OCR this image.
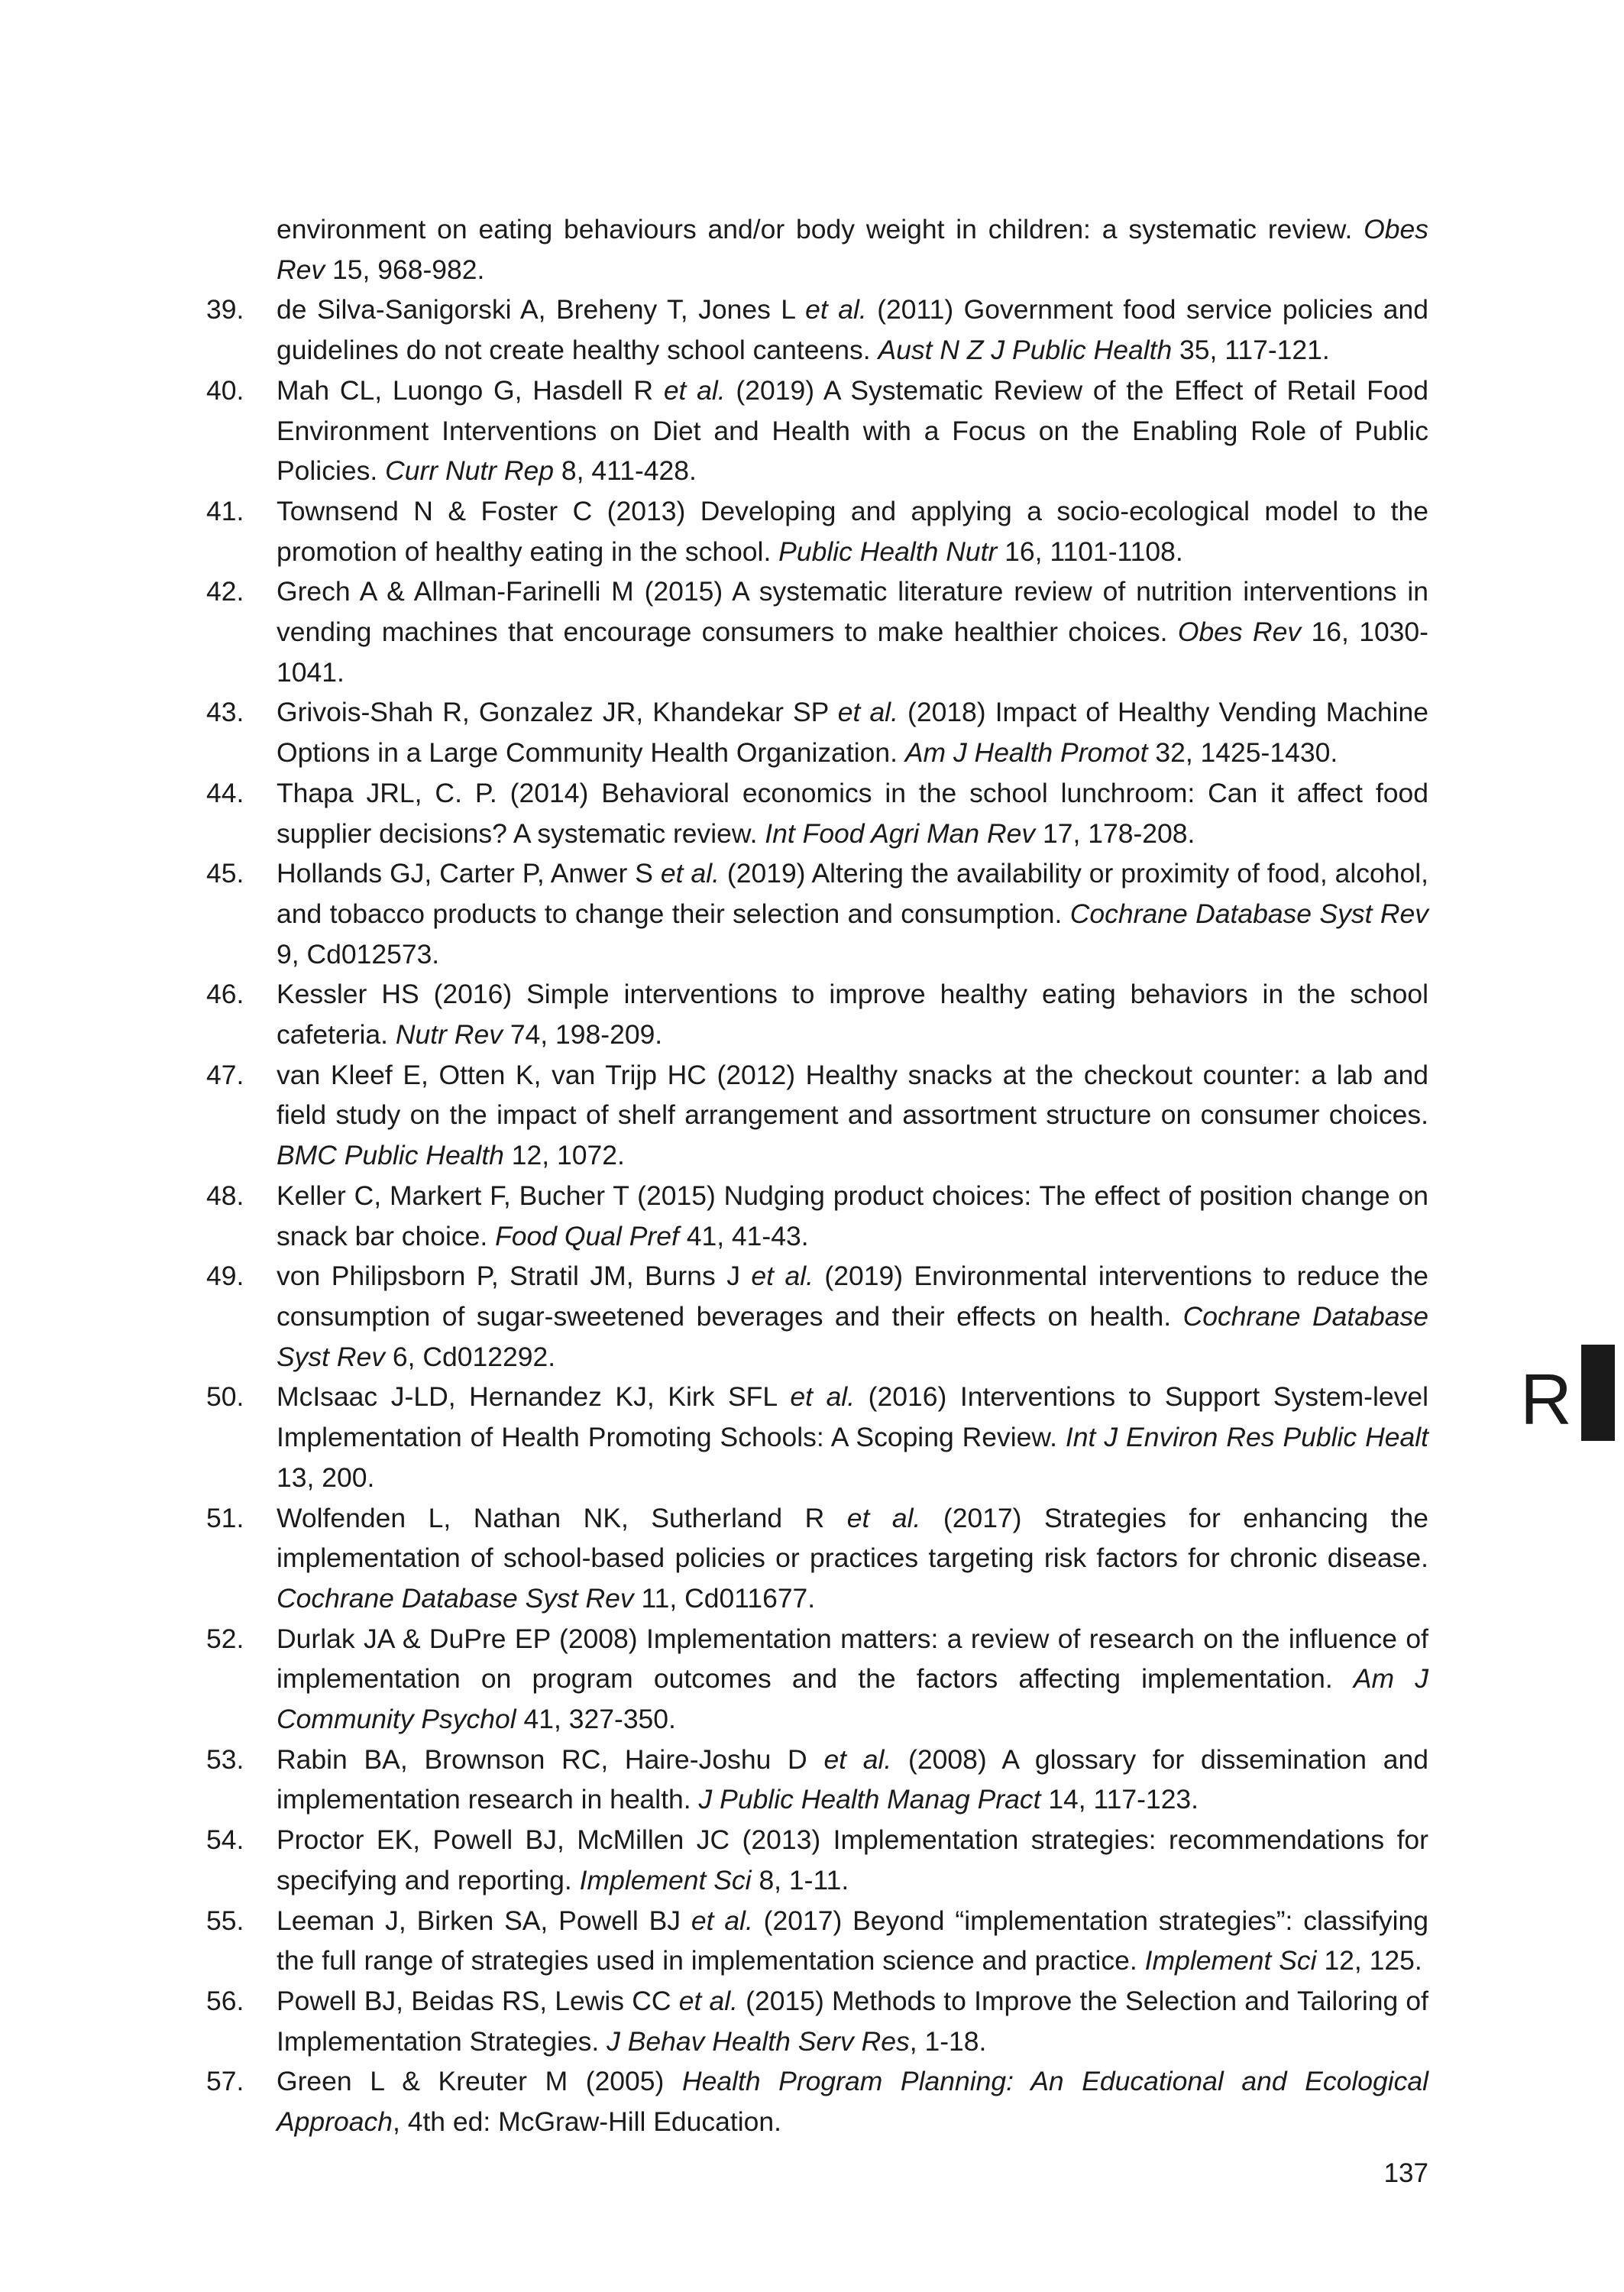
environment on eating behaviours and/or body weight in children: a systematic review. Obes Rev 15, 968-982.
39. de Silva-Sanigorski A, Breheny T, Jones L et al. (2011) Government food service policies and guidelines do not create healthy school canteens. Aust N Z J Public Health 35, 117-121.
40. Mah CL, Luongo G, Hasdell R et al. (2019) A Systematic Review of the Effect of Retail Food Environment Interventions on Diet and Health with a Focus on the Enabling Role of Public Policies. Curr Nutr Rep 8, 411-428.
41. Townsend N & Foster C (2013) Developing and applying a socio-ecological model to the promotion of healthy eating in the school. Public Health Nutr 16, 1101-1108.
42. Grech A & Allman-Farinelli M (2015) A systematic literature review of nutrition interventions in vending machines that encourage consumers to make healthier choices. Obes Rev 16, 1030-1041.
43. Grivois-Shah R, Gonzalez JR, Khandekar SP et al. (2018) Impact of Healthy Vending Machine Options in a Large Community Health Organization. Am J Health Promot 32, 1425-1430.
44. Thapa JRL, C. P. (2014) Behavioral economics in the school lunchroom: Can it affect food supplier decisions? A systematic review. Int Food Agri Man Rev 17, 178-208.
45. Hollands GJ, Carter P, Anwer S et al. (2019) Altering the availability or proximity of food, alcohol, and tobacco products to change their selection and consumption. Cochrane Database Syst Rev 9, Cd012573.
46. Kessler HS (2016) Simple interventions to improve healthy eating behaviors in the school cafeteria. Nutr Rev 74, 198-209.
47. van Kleef E, Otten K, van Trijp HC (2012) Healthy snacks at the checkout counter: a lab and field study on the impact of shelf arrangement and assortment structure on consumer choices. BMC Public Health 12, 1072.
48. Keller C, Markert F, Bucher T (2015) Nudging product choices: The effect of position change on snack bar choice. Food Qual Pref 41, 41-43.
49. von Philipsborn P, Stratil JM, Burns J et al. (2019) Environmental interventions to reduce the consumption of sugar-sweetened beverages and their effects on health. Cochrane Database Syst Rev 6, Cd012292.
50. McIsaac J-LD, Hernandez KJ, Kirk SFL et al. (2016) Interventions to Support System-level Implementation of Health Promoting Schools: A Scoping Review. Int J Environ Res Public Healt 13, 200.
51. Wolfenden L, Nathan NK, Sutherland R et al. (2017) Strategies for enhancing the implementation of school-based policies or practices targeting risk factors for chronic disease. Cochrane Database Syst Rev 11, Cd011677.
52. Durlak JA & DuPre EP (2008) Implementation matters: a review of research on the influence of implementation on program outcomes and the factors affecting implementation. Am J Community Psychol 41, 327-350.
53. Rabin BA, Brownson RC, Haire-Joshu D et al. (2008) A glossary for dissemination and implementation research in health. J Public Health Manag Pract 14, 117-123.
54. Proctor EK, Powell BJ, McMillen JC (2013) Implementation strategies: recommendations for specifying and reporting. Implement Sci 8, 1-11.
55. Leeman J, Birken SA, Powell BJ et al. (2017) Beyond “implementation strategies”: classifying the full range of strategies used in implementation science and practice. Implement Sci 12, 125.
56. Powell BJ, Beidas RS, Lewis CC et al. (2015) Methods to Improve the Selection and Tailoring of Implementation Strategies. J Behav Health Serv Res, 1-18.
57. Green L & Kreuter M (2005) Health Program Planning: An Educational and Ecological Approach, 4th ed: McGraw-Hill Education.
R
137
